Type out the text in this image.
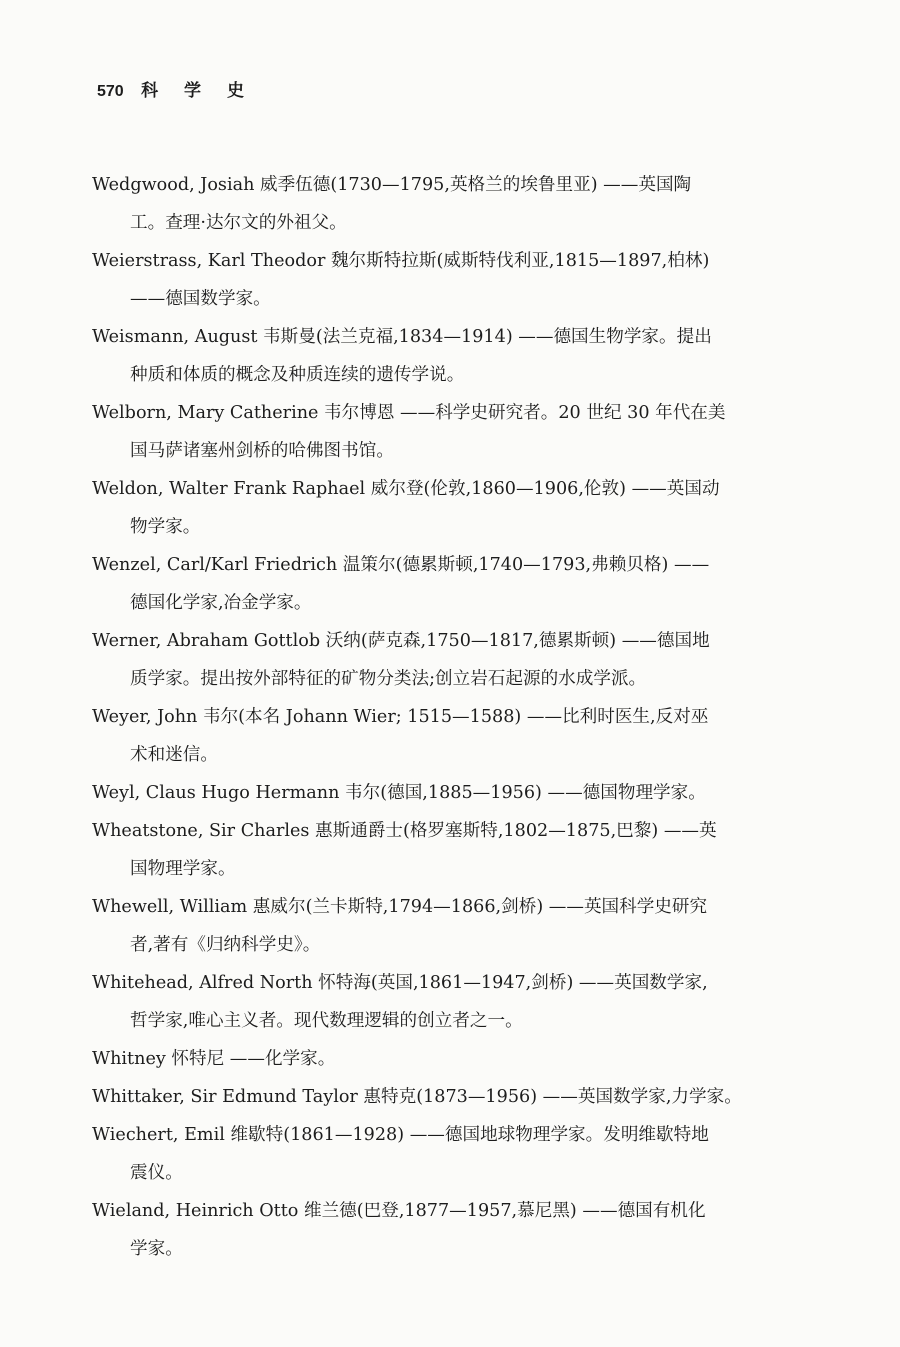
570 科 学 史

Wedgwood, Josiah 威季伍德(1730—1795,英格兰的埃鲁里亚) ——英国陶
工。查理·达尔文的外祖父。

Weierstrass, Karl Theodor 魏尔斯特拉斯(威斯特伐利亚,1815—1897,柏林)
——德国数学家。

Weismann, August 韦斯曼(法兰克福,1834—1914) ——德国生物学家。提出
种质和体质的概念及种质连续的遗传学说。

Welborn, Mary Catherine 韦尔博恩 ——科学史研究者。20 世纪 30 年代在美
国马萨诸塞州剑桥的哈佛图书馆。

Weldon, Walter Frank Raphael 威尔登(伦敦,1860—1906,伦敦) ——英国动
物学家。

Wenzel, Carl/Karl Friedrich 温策尔(德累斯顿,1740—1793,弗赖贝格) ——
德国化学家,冶金学家。

Werner, Abraham Gottlob 沃纳(萨克森,1750—1817,德累斯顿) ——德国地
质学家。提出按外部特征的矿物分类法;创立岩石起源的水成学派。

Weyer, John 韦尔(本名 Johann Wier; 1515—1588) ——比利时医生,反对巫
术和迷信。

Weyl, Claus Hugo Hermann 韦尔(德国,1885—1956) ——德国物理学家。

Wheatstone, Sir Charles 惠斯通爵士(格罗塞斯特,1802—1875,巴黎) ——英
国物理学家。

Whewell, William 惠威尔(兰卡斯特,1794—1866,剑桥) ——英国科学史研究
者,著有《归纳科学史》。

Whitehead, Alfred North 怀特海(英国,1861—1947,剑桥) ——英国数学家,
哲学家,唯心主义者。现代数理逻辑的创立者之一。

Whitney 怀特尼 ——化学家。

Whittaker, Sir Edmund Taylor 惠特克(1873—1956) ——英国数学家,力学家。

Wiechert, Emil 维歇特(1861—1928) ——德国地球物理学家。发明维歇特地
震仪。

Wieland, Heinrich Otto 维兰德(巴登,1877—1957,慕尼黑) ——德国有机化
学家。
